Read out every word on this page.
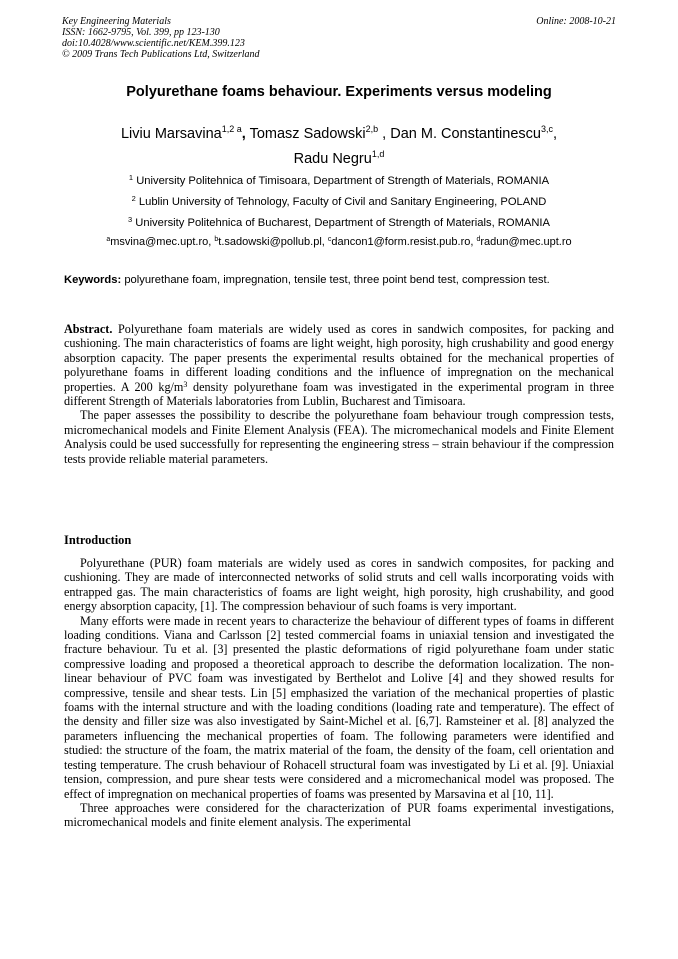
Key Engineering Materials
ISSN: 1662-9795, Vol. 399, pp 123-130
doi:10.4028/www.scientific.net/KEM.399.123
© 2009 Trans Tech Publications Ltd, Switzerland
Online: 2008-10-21
Polyurethane foams behaviour. Experiments versus modeling
Liviu Marsavina$^{1,2 a}$, Tomasz Sadowski$^{2,b}$ , Dan M. Constantinescu$^{3,c}$,
Radu Negru$^{1,d}$
$^1$ University Politehnica of Timisoara, Department of Strength of Materials, ROMANIA
$^2$ Lublin University of Tehnology, Faculty of Civil and Sanitary Engineering, POLAND
$^3$ University Politehnica of Bucharest, Department of Strength of Materials, ROMANIA
$^a$msvina@mec.upt.ro, $^b$t.sadowski@pollub.pl, $^c$dancon1@form.resist.pub.ro, $^d$radun@mec.upt.ro
Keywords: polyurethane foam, impregnation, tensile test, three point bend test, compression test.

Abstract. Polyurethane foam materials are widely used as cores in sandwich composites, for packing and cushioning. The main characteristics of foams are light weight, high porosity, high crushability and good energy absorption capacity. The paper presents the experimental results obtained for the mechanical properties of polyurethane foams in different loading conditions and the influence of impregnation on the mechanical properties. A 200 $kg/m^3$ density polyurethane foam was investigated in the experimental program in three different Strength of Materials laboratories from Lublin, Bucharest and Timisoara.

The paper assesses the possibility to describe the polyurethane foam behaviour trough compression tests, micromechanical models and Finite Element Analysis (FEA). The micromechanical models and Finite Element Analysis could be used successfully for representing the engineering stress – strain behaviour if the compression tests provide reliable material parameters.

Introduction

Polyurethane (PUR) foam materials are widely used as cores in sandwich composites, for packing and cushioning. They are made of interconnected networks of solid struts and cell walls incorporating voids with entrapped gas. The main characteristics of foams are light weight, high porosity, high crushability, and good energy absorption capacity, [1]. The compression behaviour of such foams is very important.

Many efforts were made in recent years to characterize the behaviour of different types of foams in different loading conditions. Viana and Carlsson [2] tested commercial foams in uniaxial tension and investigated the fracture behaviour. Tu et al. [3] presented the plastic deformations of rigid polyurethane foam under static compressive loading and proposed a theoretical approach to describe the deformation localization. The non-linear behaviour of PVC foam was investigated by Berthelot and Lolive [4] and they showed results for compressive, tensile and shear tests. Lin [5] emphasized the variation of the mechanical properties of plastic foams with the internal structure and with the loading conditions (loading rate and temperature). The effect of the density and filler size was also investigated by Saint-Michel et al. [6,7]. Ramsteiner et al. [8] analyzed the parameters influencing the mechanical properties of foam. The following parameters were identified and studied: the structure of the foam, the matrix material of the foam, the density of the foam, cell orientation and testing temperature. The crush behaviour of Rohacell structural foam was investigated by Li et al. [9]. Uniaxial tension, compression, and pure shear tests were considered and a micromechanical model was proposed. The effect of impregnation on mechanical properties of foams was presented by Marsavina et al [10, 11].

Three approaches were considered for the characterization of PUR foams experimental investigations, micromechanical models and finite element analysis. The experimental
